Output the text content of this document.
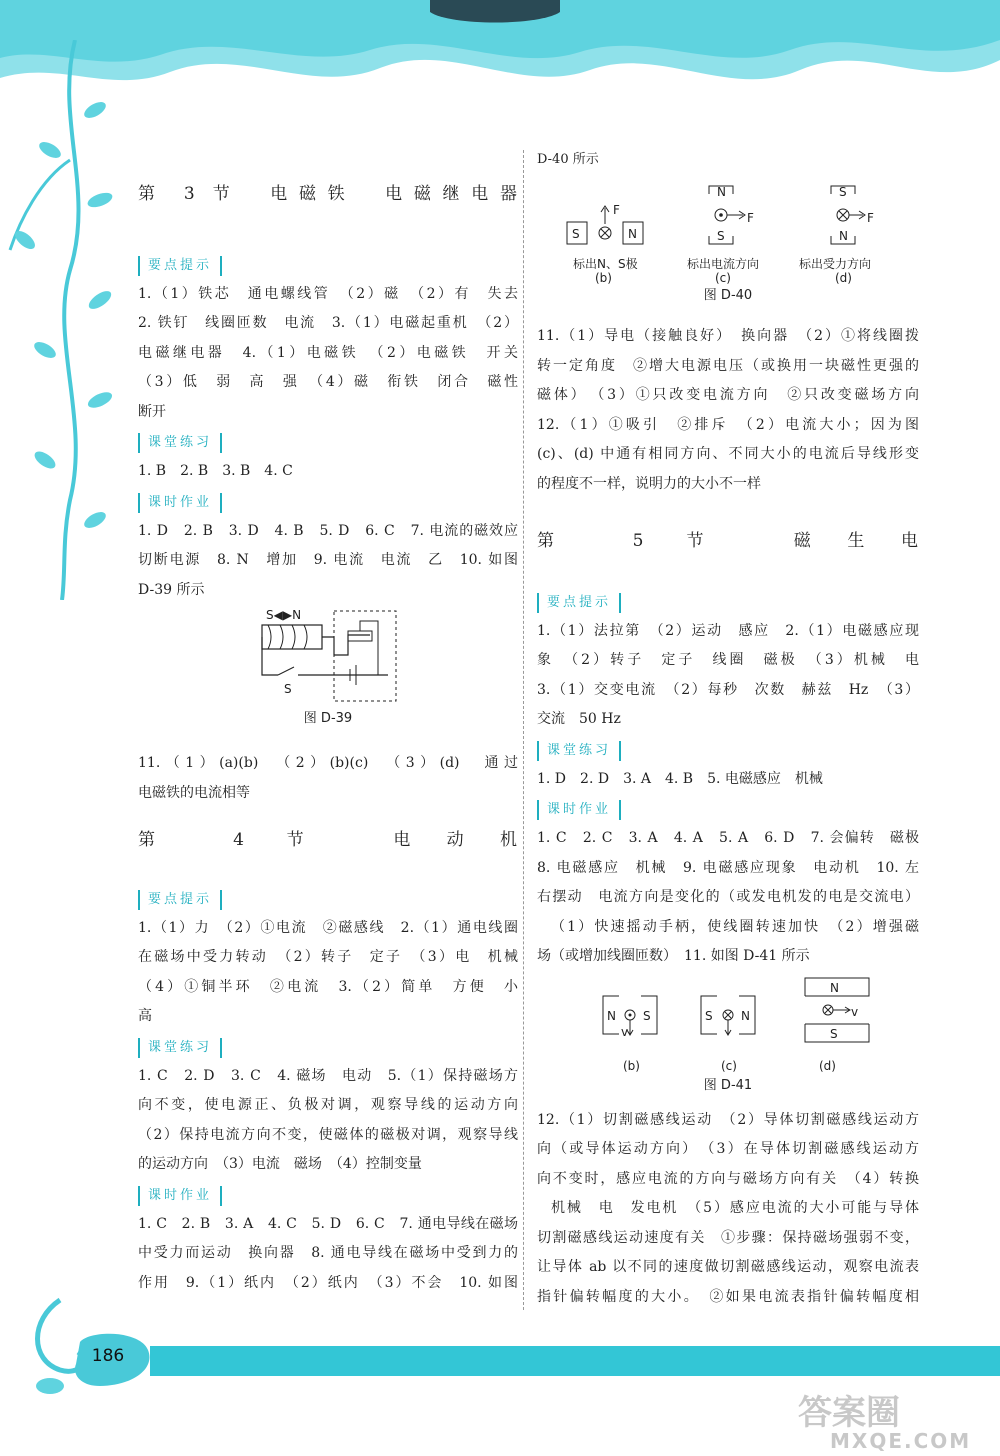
第 3 节　电磁铁　电磁继电器
要点提示
1.（1）铁芯　通电螺线管　（2）磁　（2）有　失去
2. 铁钉　线圈匝数　电流　3.（1）电磁起重机　（2）
电磁继电器　4.（1）电磁铁　（2）电磁铁　开关
（3）低　弱　高　强　（4）磁　衔铁　闭合　磁性
断开
课堂练习
1. B　2. B　3. B　4. C
课时作业
1. D　2. B　3. D　4. B　5. D　6. C　7. 电流的磁效应
切断电源　8. N　增加　9. 电流　电流　乙　10. 如图
D-39 所示
S◀▶N
S
图 D-39
11.（1）(a)(b)　（2）(b)(c)　（3）(d)　通过
电磁铁的电流相等
第 4 节　电动机
要点提示
1.（1）力　（2）①电流　②磁感线　2.（1）通电线圈
在磁场中受力转动　（2）转子　定子　（3）电　机械
（4）①铜半环　②电流　3.（2）简单　方便　小
高
课堂练习
1. C　2. D　3. C　4. 磁场　电动　5.（1）保持磁场方
向不变，使电源正、负极对调，观察导线的运动方向
（2）保持电流方向不变，使磁体的磁极对调，观察导线
的运动方向　（3）电流　磁场　（4）控制变量
课时作业
1. C　2. B　3. A　4. C　5. D　6. C　7. 通电导线在磁场
中受力而运动　换向器　8. 通电导线在磁场中受到力的
作用　9.（1）纸内　（2）纸内　（3）不会　10. 如图
D-40 所示
S	N
F
标出N、S极
(b)
N
S
F
标出电流方向
(c)
S
N
F
标出受力方向
(d)
图 D-40
11.（1）导电（接触良好）　换向器　（2）①将线圈拨
转一定角度　②增大电源电压（或换用一块磁性更强的
磁体）　（3）①只改变电流方向　②只改变磁场方向
12.（1）①吸引　②排斥　（2）电流大小；因为图
(c)、(d) 中通有相同方向、不同大小的电流后导线形变
的程度不一样，说明力的大小不一样
第 5 节　磁生电
要点提示
1.（1）法拉第　（2）运动　感应　2.（1）电磁感应现
象　（2）转子　定子　线圈　磁极　（3）机械　电
3.（1）交变电流　（2）每秒　次数　赫兹　Hz　（3）
交流　50 Hz
课堂练习
1. D　2. D　3. A　4. B　5. 电磁感应　机械
课时作业
1. C　2. C　3. A　4. A　5. A　6. D　7. 会偏转　磁极
8. 电磁感应　机械　9. 电磁感应现象　电动机　10. 左
右摆动　电流方向是变化的（或发电机发的电是交流电）
（1）快速摇动手柄，使线圈转速加快　（2）增强磁
场（或增加线圈匝数）　11. 如图 D-41 所示
N S
v
(b)
S N
(c)
N
S
v
(d)
图 D-41
12.（1）切割磁感线运动　（2）导体切割磁感线运动方
向（或导体运动方向）　（3）在导体切割磁感线运动方
向不变时，感应电流的方向与磁场方向有关　（4）转换
机械　电　发电机　（5）感应电流的大小可能与导体
切割磁感线运动速度有关　①步骤：保持磁场强弱不变，
让导体 ab 以不同的速度做切割磁感线运动，观察电流表
指针偏转幅度的大小。　②如果电流表指针偏转幅度相
186
答案圈
MXQE.COM
